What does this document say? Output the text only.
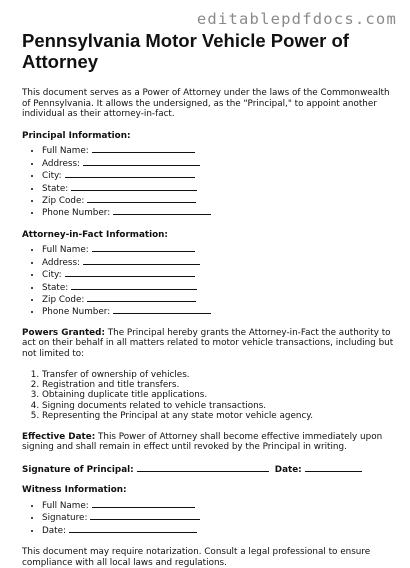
editablepdfdocs.com
Pennsylvania Motor Vehicle Power of Attorney

This document serves as a Power of Attorney under the laws of the Commonwealth of Pennsylvania. It allows the undersigned, as the "Principal," to appoint another individual as their attorney-in-fact.

Principal Information:
• Full Name:
• Address:
• City:
• State:
• Zip Code:
• Phone Number:
Attorney-in-Fact Information:
• Full Name:
• Address:
• City:
• State:
• Zip Code:
• Phone Number:

Powers Granted: The Principal hereby grants the Attorney-in-Fact the authority to act on their behalf in all matters related to motor vehicle transactions, including but not limited to:

1. Transfer of ownership of vehicles.
2. Registration and title transfers.
3. Obtaining duplicate title applications.
4. Signing documents related to vehicle transactions.
5. Representing the Principal at any state motor vehicle agency.

Effective Date: This Power of Attorney shall become effective immediately upon signing and shall remain in effect until revoked by the Principal in writing.

Signature of Principal:	Date:
Witness Information:
• Full Name:
• Signature:
• Date:

This document may require notarization. Consult a legal professional to ensure compliance with all local laws and regulations.
